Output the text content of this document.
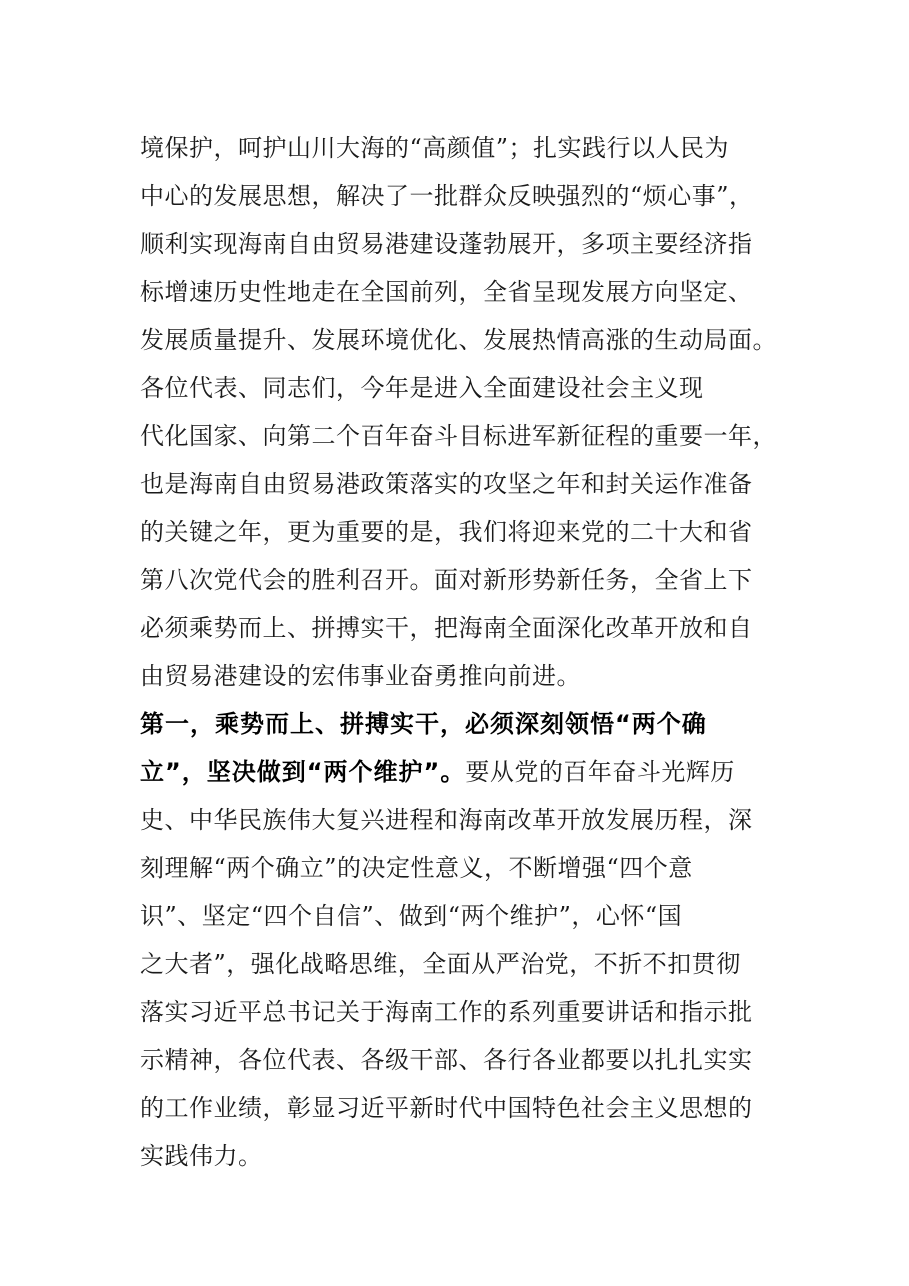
境保护，呵护山川大海的“高颜值”；扎实践行以人民为
中心的发展思想，解决了一批群众反映强烈的“烦心事”，
顺利实现海南自由贸易港建设蓬勃展开，多项主要经济指
标增速历史性地走在全国前列，全省呈现发展方向坚定、
发展质量提升、发展环境优化、发展热情高涨的生动局面。
各位代表、同志们，今年是进入全面建设社会主义现
代化国家、向第二个百年奋斗目标进军新征程的重要一年，
也是海南自由贸易港政策落实的攻坚之年和封关运作准备
的关键之年，更为重要的是，我们将迎来党的二十大和省
第八次党代会的胜利召开。面对新形势新任务，全省上下
必须乘势而上、拼搏实干，把海南全面深化改革开放和自
由贸易港建设的宏伟事业奋勇推向前进。
第一，乘势而上、拼搏实干，必须深刻领悟“两个确
立”，坚决做到“两个维护”。要从党的百年奋斗光辉历
史、中华民族伟大复兴进程和海南改革开放发展历程，深
刻理解“两个确立”的决定性意义，不断增强“四个意
识”、坚定“四个自信”、做到“两个维护”，心怀“国
之大者”，强化战略思维，全面从严治党，不折不扣贯彻
落实习近平总书记关于海南工作的系列重要讲话和指示批
示精神，各位代表、各级干部、各行各业都要以扎扎实实
的工作业绩，彰显习近平新时代中国特色社会主义思想的
实践伟力。
